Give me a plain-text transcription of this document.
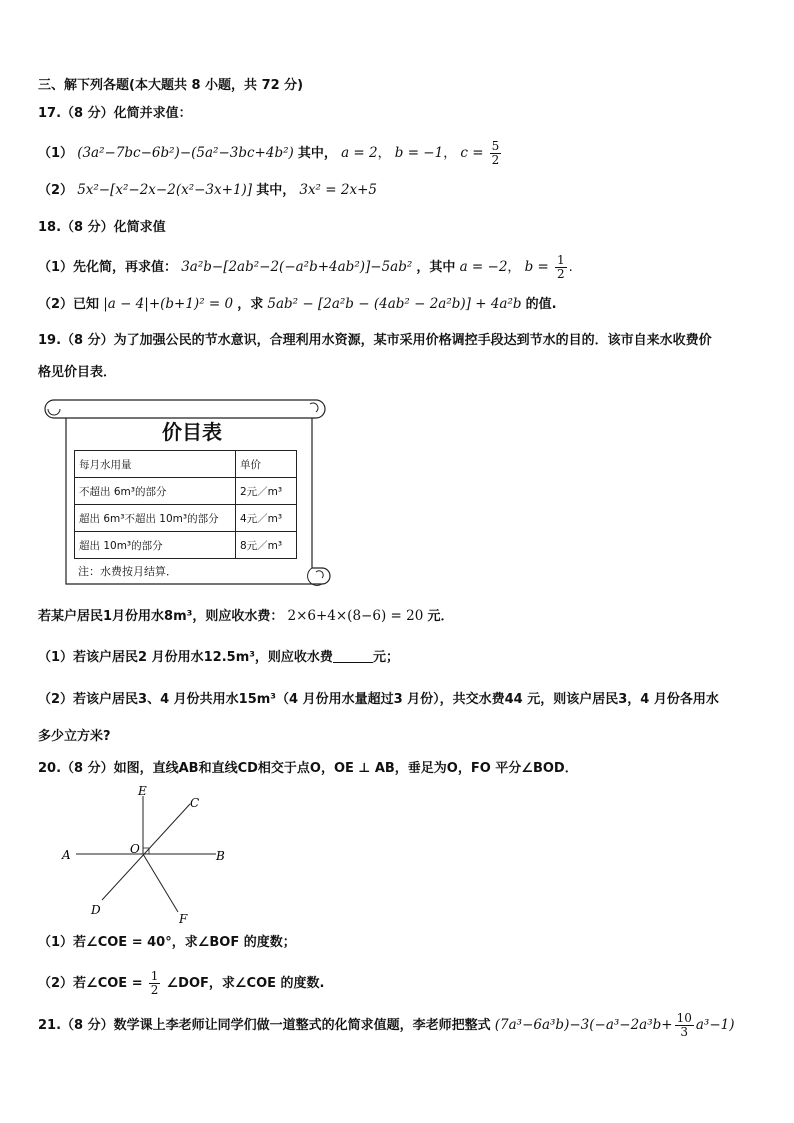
三、解下列各题(本大题共 8 小题，共 72 分)
17.（8 分）化简并求值：
（1） (3a²−7bc−6b²)−(5a²−3bc+4b²) 其中， a = 2， b = −1， $c = \frac{5}{2}$
（2） 5x²−[x²−2x−2(x²−3x+1)] 其中， 3x² = 2x+5
18.（8 分）化简求值
（1）先化简，再求值： 3a²b−[2ab²−2(−a²b+4ab²)]−5ab² ，其中 a = −2， $b = \frac{1}{2}$ .
（2）已知 |a − 4|+(b+1)² = 0 ，求 5ab² − [2a²b − (4ab² − 2a²b)] + 4a²b 的值.
19.（8 分）为了加强公民的节水意识，合理利用水资源，某市采用价格调控手段达到节水的目的．该市自来水收费价
格见价目表．
价目表
每月水用量	单价
不超出 6m³的部分	2元／m³
超出 6m³不超出 10m³的部分	4元／m³
超出 10m³的部分	8元／m³
注：水费按月结算．
若某户居民1月份用水8m³，则应收水费： 2×6+4×(8−6) = 20 元．
（1）若该户居民2 月份用水12.5m³，则应收水费	元；
（2）若该户居民3、4 月份共用水15m³（4 月份用水量超过3 月份），共交水费44 元，则该户居民3，4 月份各用水
多少立方米?
20.（8 分）如图，直线AB和直线CD相交于点O，OE ⊥ AB，垂足为O，FO 平分∠BOD．
A	B
C
D
E
F
O
（1）若∠COE = 40°，求∠BOF 的度数；
（2）若∠COE = $\frac{1}{2}$ ∠DOF，求∠COE 的度数.
21.（8 分）数学课上李老师让同学们做一道整式的化简求值题，李老师把整式 $(7a^3-6a^3b)-3(-a^3-2a^3b+ \frac{10}{3} a^3-1)$
